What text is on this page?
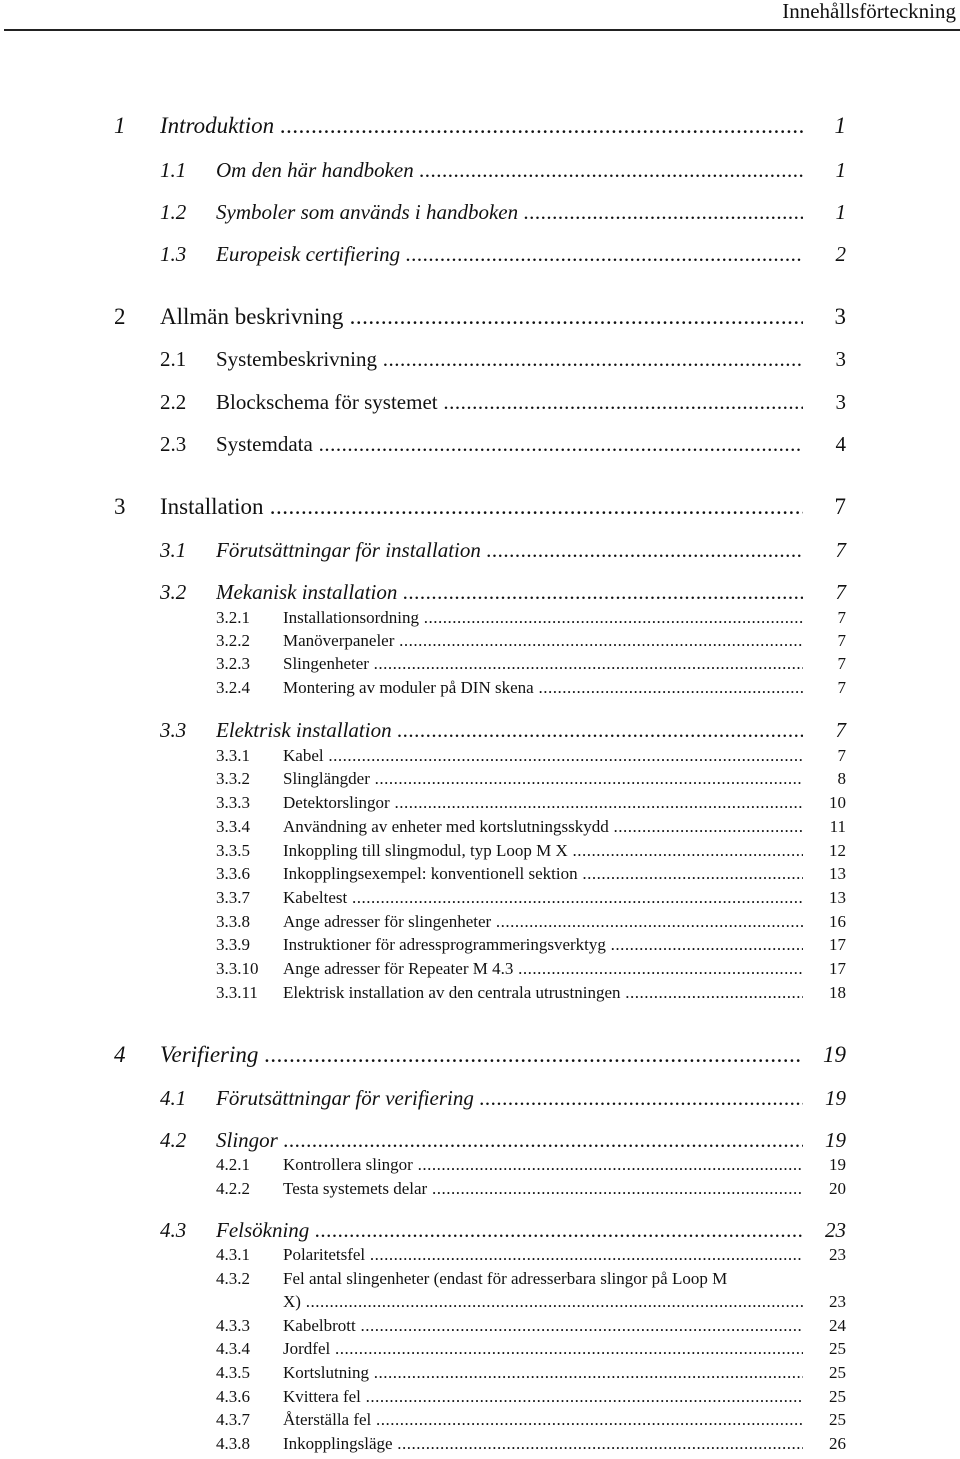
Innehållsförteckning
1 Introduktion .....	1
1.1 Om den här handboken .....	1
1.2 Symboler som används i handboken .....	1
1.3 Europeisk certifiering .....	2
2 Allmän beskrivning .....	3
2.1 Systembeskrivning .....	3
2.2 Blockschema för systemet .....	3
2.3 Systemdata .....	4
3 Installation .....	7
3.1 Förutsättningar för installation .....	7
3.2 Mekanisk installation .....	7
3.2.1 Installationsordning .....	7
3.2.2 Manöverpaneler .....	7
3.2.3 Slingenheter .....	7
3.2.4 Montering av moduler på DIN skena .....	7
3.3 Elektrisk installation .....	7
3.3.1 Kabel .....	7
3.3.2 Slinglängder .....	8
3.3.3 Detektorslingor .....	10
3.3.4 Användning av enheter med kortslutningsskydd .....	11
3.3.5 Inkoppling till slingmodul, typ Loop M X .....	12
3.3.6 Inkopplingsexempel: konventionell sektion .....	13
3.3.7 Kabeltest .....	13
3.3.8 Ange adresser för slingenheter .....	16
3.3.9 Instruktioner för adressprogrammeringsverktyg .....	17
3.3.10 Ange adresser för Repeater M 4.3 .....	17
3.3.11 Elektrisk installation av den centrala utrustningen .....	18
4 Verifiering .....	19
4.1 Förutsättningar för verifiering .....	19
4.2 Slingor .....	19
4.2.1 Kontrollera slingor .....	19
4.2.2 Testa systemets delar .....	20
4.3 Felsökning .....	23
4.3.1 Polaritetsfel .....	23
4.3.2 Fel antal slingenheter (endast för adresserbara slingor på Loop M
X) .....	23
4.3.3 Kabelbrott .....	24
4.3.4 Jordfel .....	25
4.3.5 Kortslutning .....	25
4.3.6 Kvittera fel .....	25
4.3.7 Återställa fel .....	25
4.3.8 Inkopplingsläge .....	26
